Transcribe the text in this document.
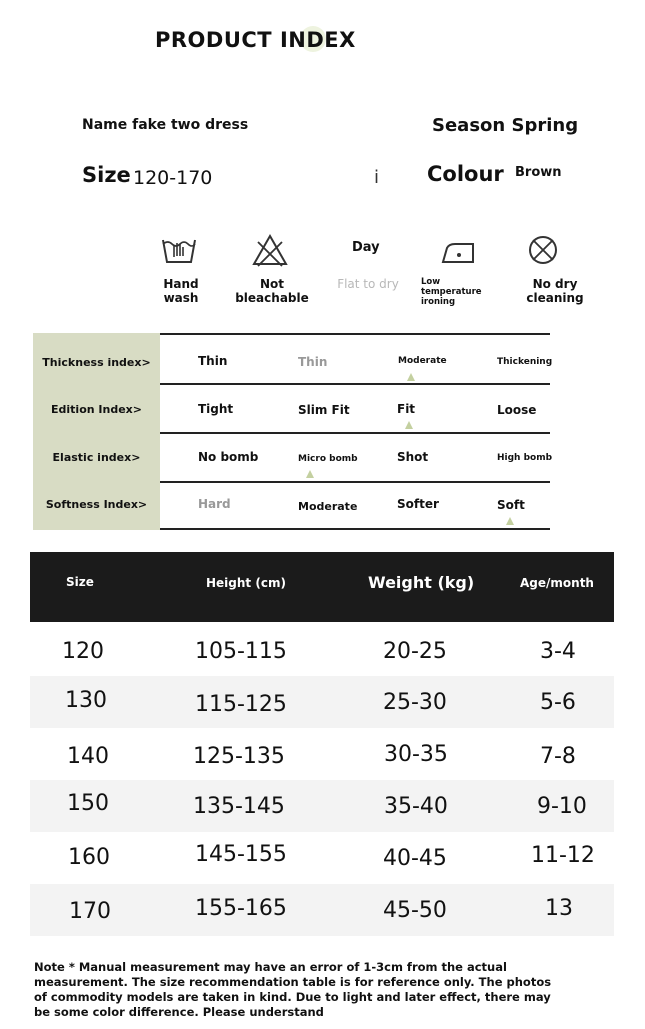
PRODUCT INDEX
Name fake two dress	Season Spring
Size 120-170	i Colour Brown
Day
Hand wash
Not bleachable
Flat to dry	Low temperature ironing
No dry cleaning
Thickness index>	Thin	Thin	Moderate	Thickening
Edition Index>	Tight	Slim Fit	Fit	Loose
Elastic index>	No bomb	Micro bomb	Shot	High bomb
Softness Index>	Hard	Moderate	Softer	Soft
Size	Height (cm)	Weight (kg)	Age/month
120	105-115	20-25	3-4
130	115-125	25-30	5-6
140	125-135	30-35	7-8
150	135-145	35-40	9-10
160	145-155	40-45	11-12
170	155-165	45-50	13
Note * Manual measurement may have an error of 1-3cm from the actual measurement. The size recommendation table is for reference only. The photos of commodity models are taken in kind. Due to light and later effect, there may be some color difference. Please understand
